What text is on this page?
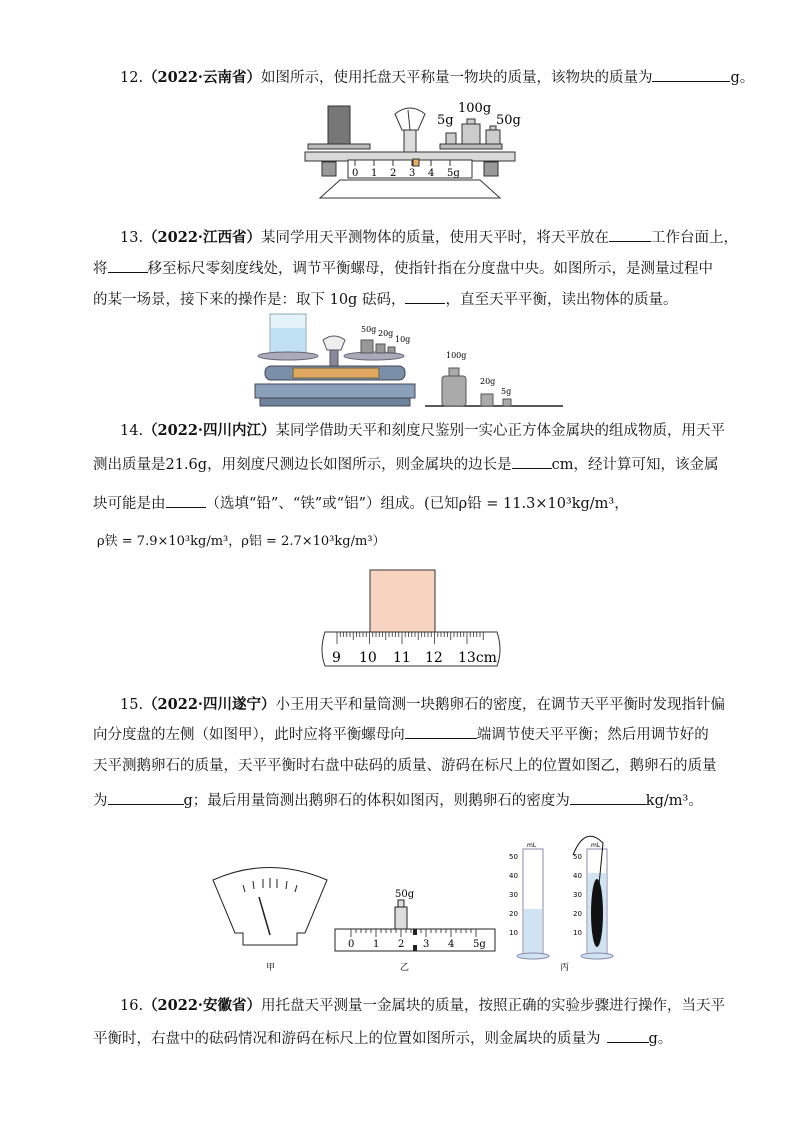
12.（2022·云南省）如图所示，使用托盘天平称量一物块的质量，该物块的质量为	g。
5g
100g
50g
0 1 2 3 4 5g
13.（2022·江西省）某同学用天平测物体的质量，使用天平时，将天平放在	工作台面上，
将	移至标尺零刻度线处，调节平衡螺母，使指针指在分度盘中央。如图所示，是测量过程中
的某一场景，接下来的操作是：取下 10g 砝码，	，直至天平平衡，读出物体的质量。
50g 20g
10g
100g
20g
5g
14.（2022·四川内江）某同学借助天平和刻度尺鉴别一实心正方体金属块的组成物质，用天平
测出质量是21.6g，用刻度尺测边长如图所示，则金属块的边长是	cm，经计算可知，该金属
块可能是由	（选填“铅”、“铁”或“铝”）组成。(已知ρ铅 = 11.3×10³kg/m³，
ρ铁 = 7.9×10³kg/m³，ρ铝 = 2.7×10³kg/m³）
9 10 11 12 13cm
15.（2022·四川遂宁）小王用天平和量筒测一块鹅卵石的密度，在调节天平平衡时发现指针偏
向分度盘的左侧（如图甲），此时应将平衡螺母向	端调节使天平平衡；然后用调节好的
天平测鹅卵石的质量，天平平衡时右盘中砝码的质量、游码在标尺上的位置如图乙，鹅卵石的质量
为	g；最后用量筒测出鹅卵石的体积如图丙，则鹅卵石的密度为	kg/m³。
甲
50g
0 1 2 3 4 5g
乙
mL
50
40
30
20
10
mL
50
40
30
20
10
丙
16.（2022·安徽省）用托盘天平测量一金属块的质量，按照正确的实验步骤进行操作，当天平
平衡时，右盘中的砝码情况和游码在标尺上的位置如图所示，则金属块的质量为	g。
